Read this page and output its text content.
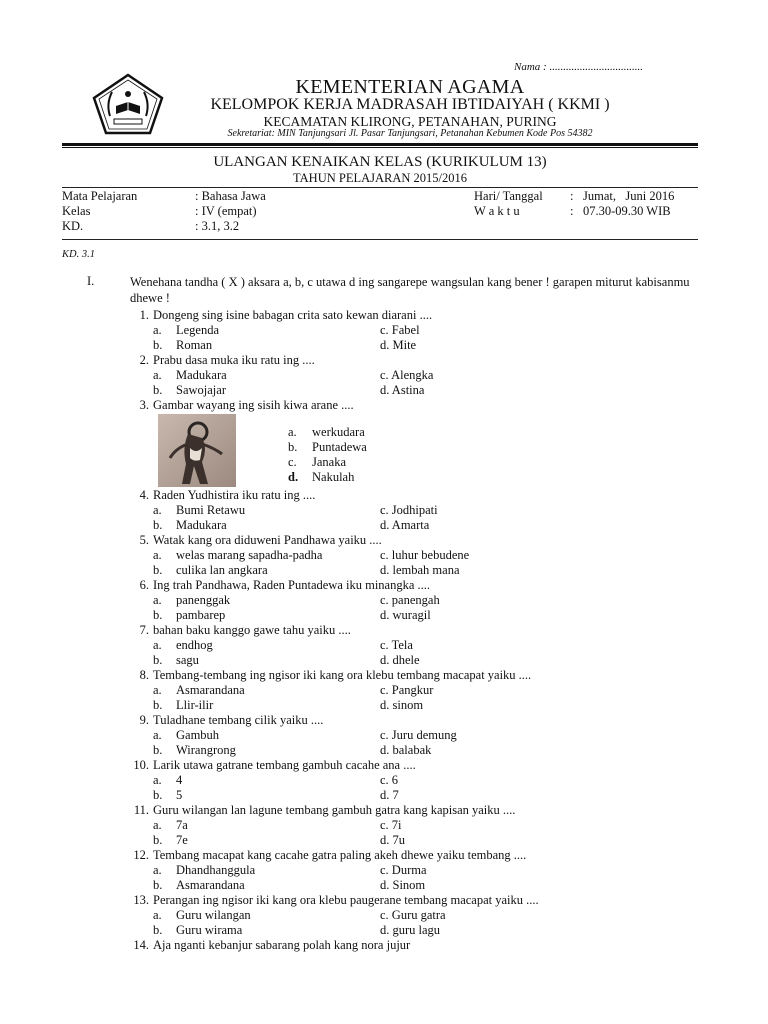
Nama : ..................................
KEMENTERIAN AGAMA
KELOMPOK KERJA MADRASAH IBTIDAIYAH ( KKMI )
KECAMATAN KLIRONG, PETANAHAN, PURING
Sekretariat: MIN Tanjungsari Jl. Pasar Tanjungsari, Petanahan Kebumen Kode Pos 54382
ULANGAN KENAIKAN KELAS (KURIKULUM 13)
TAHUN PELAJARAN 2015/2016
Mata Pelajaran	: Bahasa Jawa
Kelas	: IV (empat)
KD.	: 3.1, 3.2
Hari/ Tanggal : Jumat,   Juni 2016
W a k t u	: 07.30-09.30 WIB
KD. 3.1
I.	Wenehana tandha ( X ) aksara a, b, c utawa d ing sangarepe wangsulan kang bener ! garapen miturut kabisanmu dhewe !
1. Dongeng sing isine babagan crita sato kewan diarani ....
a. Legenda	c. Fabel
b. Roman	d. Mite
2. Prabu dasa muka iku ratu ing ....
a. Madukara	c. Alengka
b. Sawojajar	d. Astina
3. Gambar wayang ing sisih kiwa arane ....
a. werkudara
b. Puntadewa
c. Janaka
d. Nakulah
4. Raden Yudhistira iku ratu ing ....
a. Bumi Retawu	c. Jodhipati
b. Madukara	d. Amarta
5. Watak kang ora diduweni Pandhawa yaiku ....
a. welas marang sapadha-padha	c. luhur bebudene
b. culika lan angkara	d. lembah mana
6. Ing trah Pandhawa, Raden Puntadewa iku minangka ....
a. panenggak	c. panengah
b. pambarep	d. wuragil
7. bahan baku kanggo gawe tahu yaiku ....
a. endhog	c. Tela
b. sagu	d. dhele
8. Tembang-tembang ing ngisor iki kang ora klebu tembang macapat yaiku ....
a. Asmarandana	c. Pangkur
b. Llir-ilir	d. sinom
9. Tuladhane tembang cilik yaiku ....
a. Gambuh	c. Juru demung
b. Wirangrong	d. balabak
10. Larik utawa gatrane tembang gambuh cacahe ana ....
a. 4	c. 6
b. 5	d. 7
11. Guru wilangan lan lagune tembang gambuh gatra kang kapisan yaiku ....
a. 7a	c. 7i
b. 7e	d. 7u
12. Tembang macapat kang cacahe gatra paling akeh dhewe yaiku tembang ....
a. Dhandhanggula	c. Durma
b. Asmarandana	d. Sinom
13. Perangan ing ngisor iki kang ora klebu paugerane tembang macapat yaiku ....
a. Guru wilangan	c. Guru gatra
b. Guru wirama	d. guru lagu
14. Aja nganti kebanjur sabarang polah kang nora jujur
